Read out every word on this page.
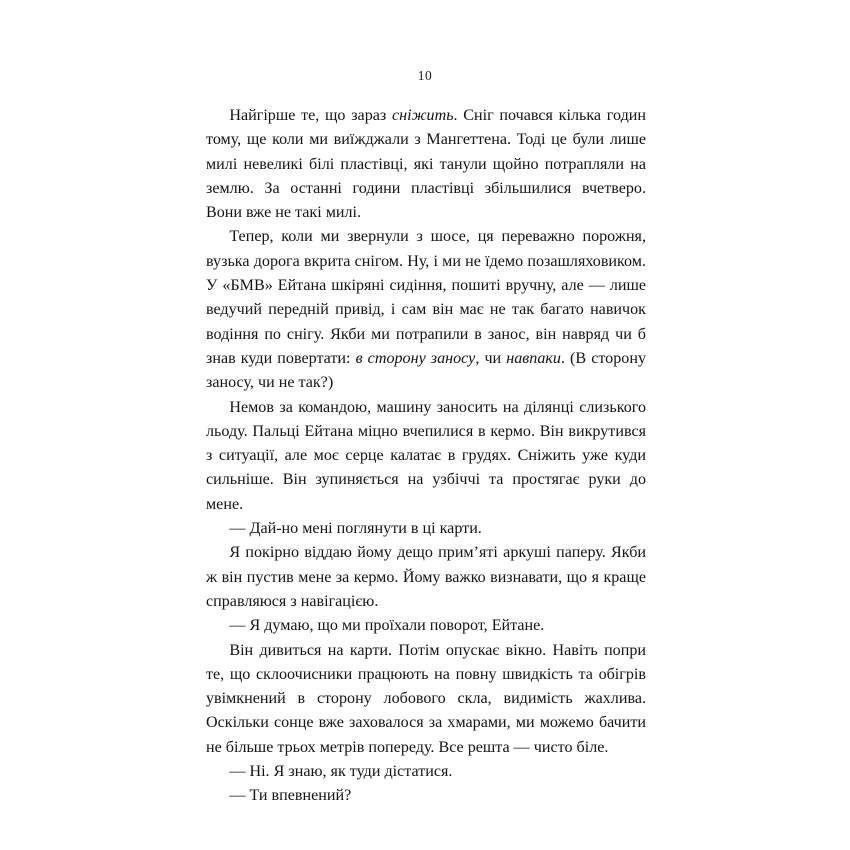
10

Найгірше те, що зараз сніжить. Сніг почався кілька годин тому, ще коли ми виїжджали з Мангеттена. Тоді це були лише милі невеликі білі пластівці, які танули щойно потрапляли на землю. За останні години пластівці збільшилися вчетверо. Вони вже не такі милі.

Тепер, коли ми звернули з шосе, ця переважно порожня, вузька дорога вкрита снігом. Ну, і ми не їдемо позашляховиком. У «БМВ» Ейтана шкіряні сидіння, пошиті вручну, але — лише ведучий передній привід, і сам він має не так багато навичок водіння по снігу. Якби ми потрапили в занос, він навряд чи б знав куди повертати: в сторону заносу, чи навпаки. (В сторону заносу, чи не так?)

Немов за командою, машину заносить на ділянці слизького льоду. Пальці Ейтана міцно вчепилися в кермо. Він викрутився з ситуації, але моє серце калатає в грудях. Сніжить уже куди сильніше. Він зупиняється на узбіччі та простягає руки до мене.

— Дай-но мені поглянути в ці карти.

Я покірно віддаю йому дещо прим’яті аркуші паперу. Якби ж він пустив мене за кермо. Йому важко визнавати, що я краще справляюся з навігацією.

— Я думаю, що ми проїхали поворот, Ейтане.

Він дивиться на карти. Потім опускає вікно. Навіть попри те, що склоочисники працюють на повну швидкість та обігрів увімкнений в сторону лобового скла, видимість жахлива. Оскільки сонце вже заховалося за хмарами, ми можемо бачити не більше трьох метрів попереду. Все решта — чисто біле.

— Ні. Я знаю, як туди дістатися.

— Ти впевнений?
